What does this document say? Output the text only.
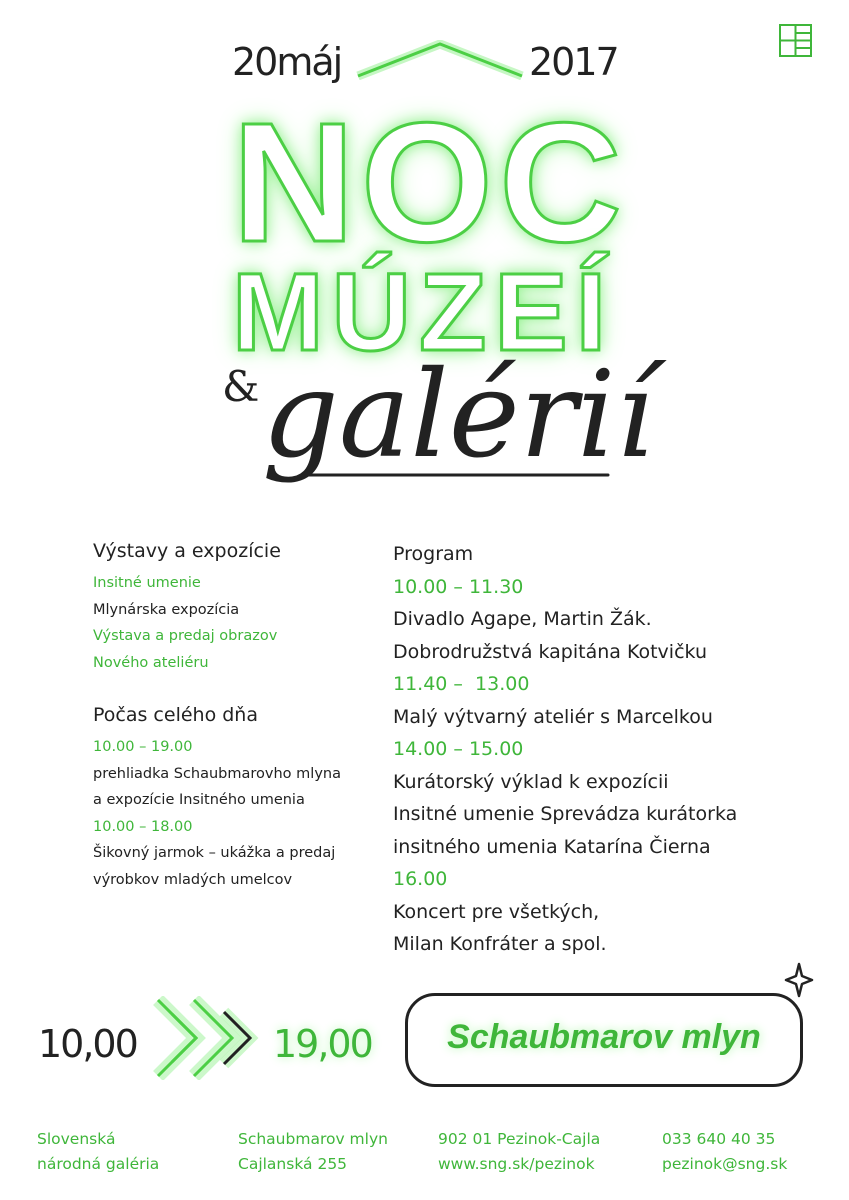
20máj	2017
NOC
MÚZEÍ
& galérií
Výstavy a expozície
Insitné umenie
Mlynárska expozícia
Výstava a predaj obrazov
Nového ateliéru
Počas celého dňa
10.00 – 19.00
prehliadka Schaubmarovho mlyna
a expozície Insitného umenia
10.00 – 18.00
Šikovný jarmok – ukážka a predaj
výrobkov mladých umelcov
Program
10.00 – 11.30
Divadlo Agape, Martin Žák.
Dobrodružstvá kapitána Kotvičku
11.40 –  13.00
Malý výtvarný ateliér s Marcelkou
14.00 – 15.00
Kurátorský výklad k expozícii
Insitné umenie Sprevádza kurátorka
insitného umenia Katarína Čierna
16.00
Koncert pre všetkých,
Milan Konfráter a spol.
10,00	19,00	Schaubmarov mlyn
Slovenská
národná galéria
Schaubmarov mlyn
Cajlanská 255
902 01 Pezinok-Cajla
www.sng.sk/pezinok
033 640 40 35
pezinok@sng.sk
